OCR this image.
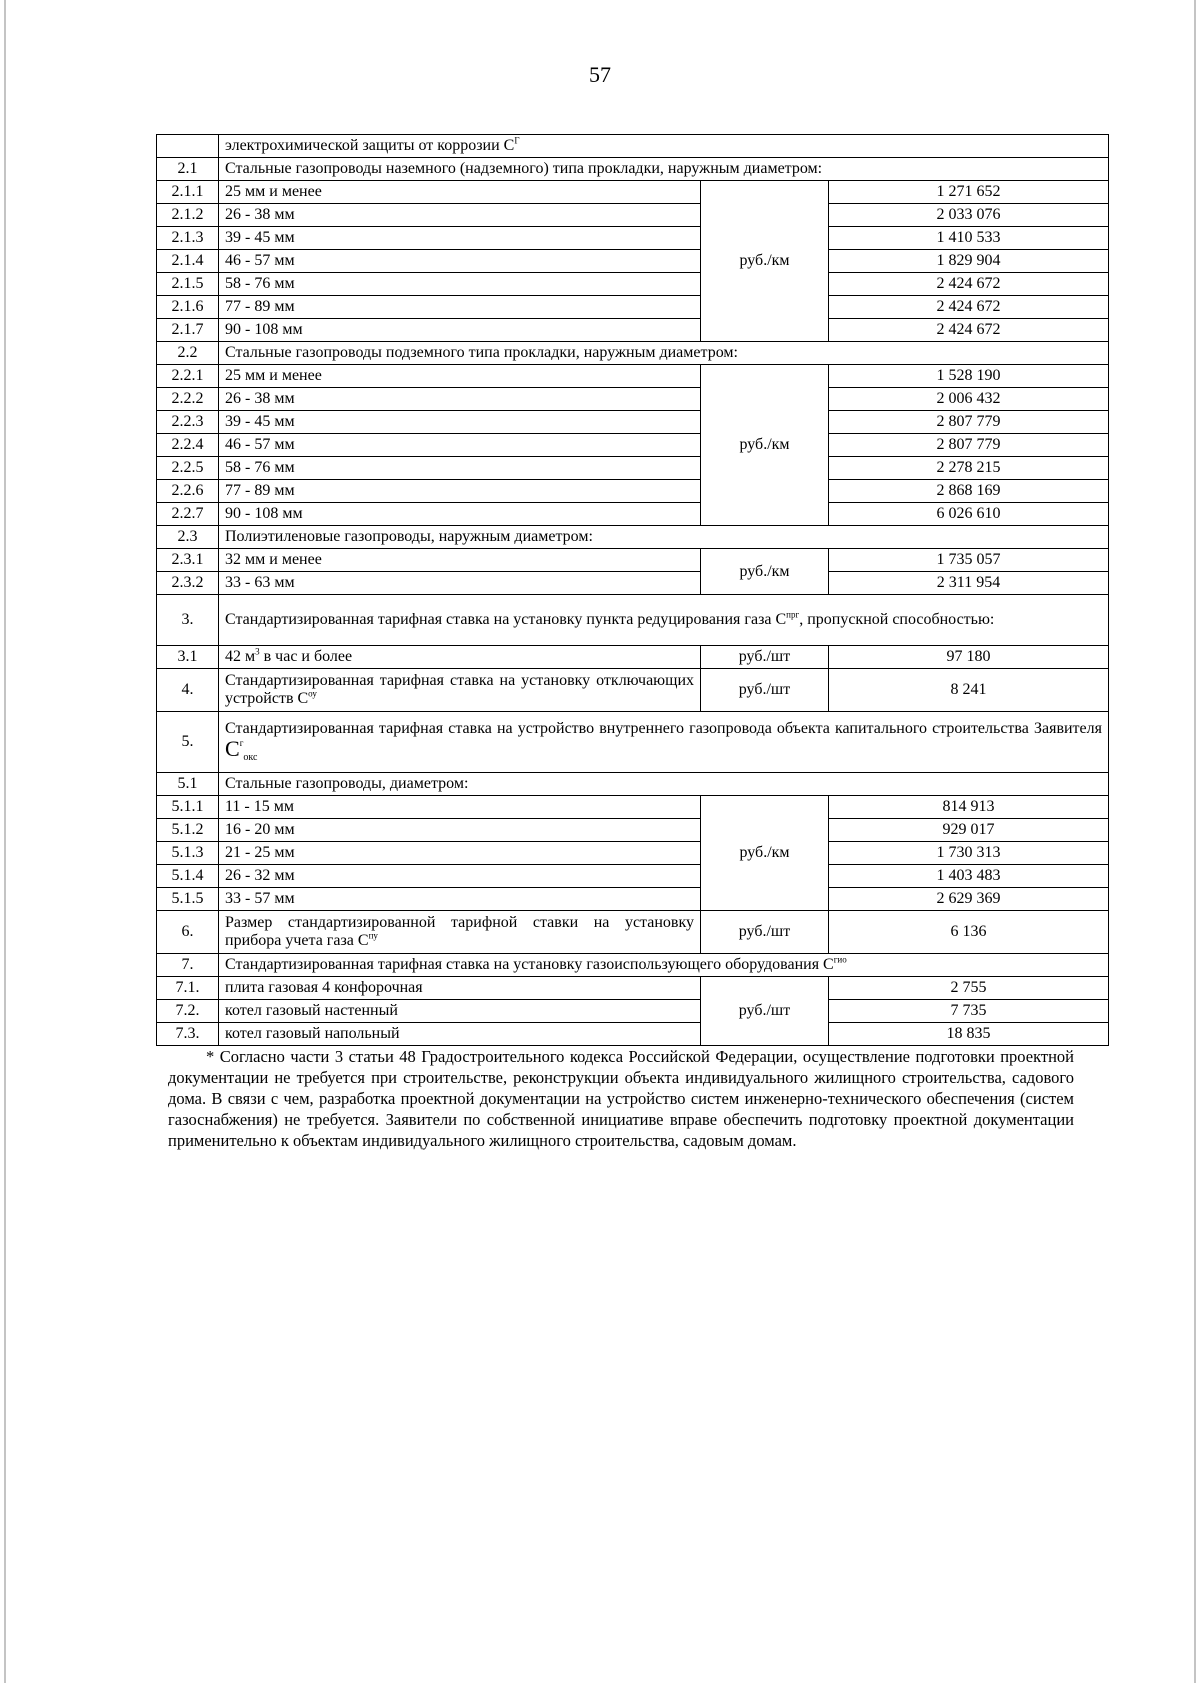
57
	электрохимической защиты от коррозии $С^Г$
2.1	Стальные газопроводы наземного (надземного) типа прокладки, наружным диаметром:		
2.1.1	25 мм и менее	руб./км	1 271 652
2.1.2	26 - 38 мм		2 033 076
2.1.3	39 - 45 мм		1 410 533
2.1.4	46 - 57 мм		1 829 904
2.1.5	58 - 76 мм		2 424 672
2.1.6	77 - 89 мм		2 424 672
2.1.7	90 - 108 мм		2 424 672
2.2	Стальные газопроводы подземного типа прокладки, наружным диаметром:		
2.2.1	25 мм и менее	руб./км	1 528 190
2.2.2	26 - 38 мм		2 006 432
2.2.3	39 - 45 мм		2 807 779
2.2.4	46 - 57 мм		2 807 779
2.2.5	58 - 76 мм		2 278 215
2.2.6	77 - 89 мм		2 868 169
2.2.7	90 - 108 мм		6 026 610
2.3	Полиэтиленовые газопроводы, наружным диаметром:		
2.3.1	32 мм и менее	руб./км	1 735 057
2.3.2	33 - 63 мм		2 311 954
3.	Стандартизированная тарифная ставка на установку пункта редуцирования газа $С^{прг}$, пропускной способностью:		
3.1	42 $м^3$ в час и более	руб./шт	97 180
4.	Стандартизированная тарифная ставка на установку отключающих устройств $С^{оу}$	руб./шт	8 241
5.	Стандартизированная тарифная ставка на устройство внутреннего газопровода объекта капитального строительства Заявителя $С^г_{окс}$
5.1	Стальные газопроводы, диаметром:		
5.1.1	11 - 15 мм	руб./км	814 913
5.1.2	16 - 20 мм		929 017
5.1.3	21 - 25 мм		1 730 313
5.1.4	26 - 32 мм		1 403 483
5.1.5	33 - 57 мм		2 629 369
6.	Размер стандартизированной тарифной ставки на установку прибора учета газа $С^{пу}$	руб./шт	6 136
7.	Стандартизированная тарифная ставка на установку газоиспользующего оборудования $С^{гио}$
7.1.	плита газовая 4 конфорочная	руб./шт	2 755
7.2.	котел газовый настенный		7 735
7.3.	котел газовый напольный		18 835

* Согласно части 3 статьи 48 Градостроительного кодекса Российской Федерации, осуществление подготовки проектной документации не требуется при строительстве, реконструкции объекта индивидуального жилищного строительства, садового дома. В связи с чем, разработка проектной документации на устройство систем инженерно-технического обеспечения (систем газоснабжения) не требуется. Заявители по собственной инициативе вправе обеспечить подготовку проектной документации применительно к объектам индивидуального жилищного строительства, садовым домам.
